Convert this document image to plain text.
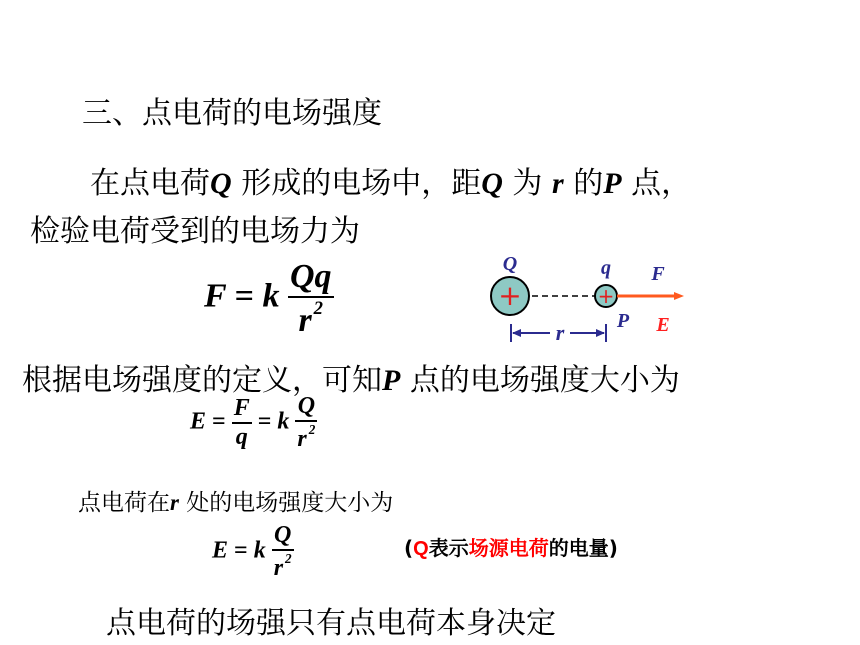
三、点电荷的电场强度
在点电荷Q 形成的电场中，距Q 为 r 的P 点，
检验电荷受到的电场力为
F = k $\frac{Qq}{r ^2}$	+	+
Q	q F
P E
r
根据电场强度的定义，可知P 点的电场强度大小为
$E = \frac{F}{q} = k \frac{Q}{r ^2}$
点电荷在r 处的电场强度大小为
E = k $\frac{Q}{r ^2}$	(Q表示场源电荷的电量)
点电荷的场强只有点电荷本身决定
